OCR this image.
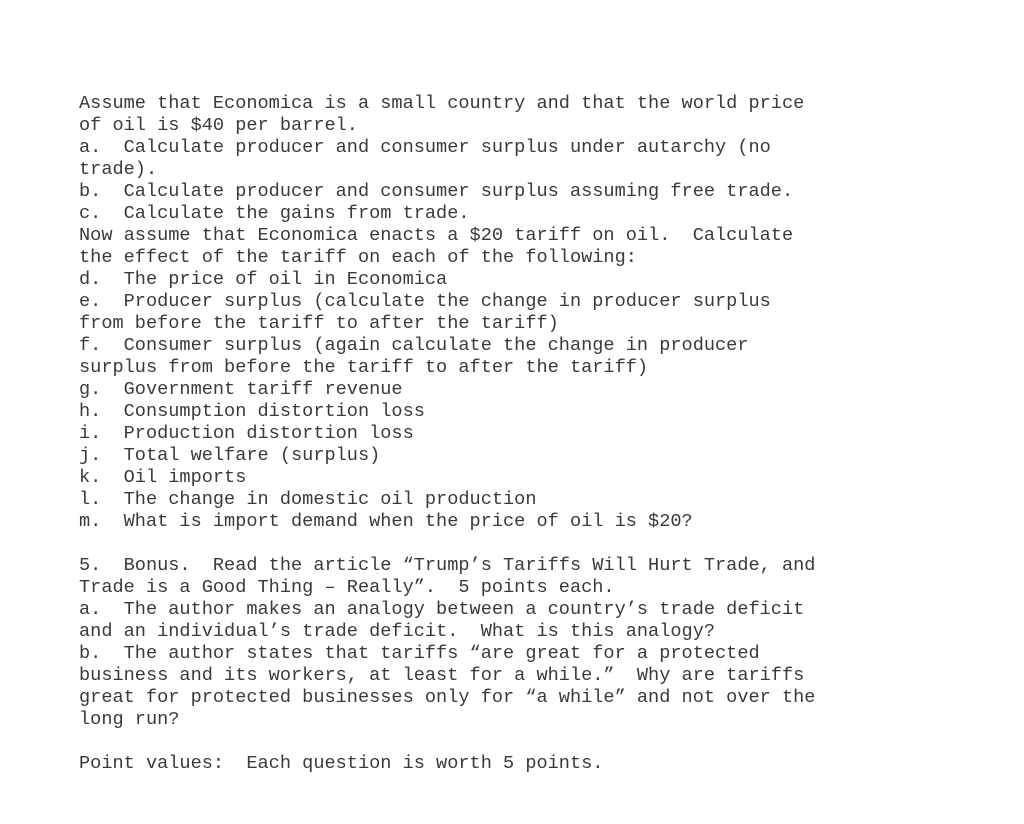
Assume that Economica is a small country and that the world price
of oil is $40 per barrel.
a.  Calculate producer and consumer surplus under autarchy (no
trade).
b.  Calculate producer and consumer surplus assuming free trade.
c.  Calculate the gains from trade.
Now assume that Economica enacts a $20 tariff on oil.  Calculate
the effect of the tariff on each of the following:
d.  The price of oil in Economica
e.  Producer surplus (calculate the change in producer surplus
from before the tariff to after the tariff)
f.  Consumer surplus (again calculate the change in producer
surplus from before the tariff to after the tariff)
g.  Government tariff revenue
h.  Consumption distortion loss
i.  Production distortion loss
j.  Total welfare (surplus)
k.  Oil imports
l.  The change in domestic oil production
m.  What is import demand when the price of oil is $20?
5.  Bonus.  Read the article “Trump’s Tariffs Will Hurt Trade, and
Trade is a Good Thing – Really”.  5 points each.
a.  The author makes an analogy between a country’s trade deficit
and an individual’s trade deficit.  What is this analogy?
b.  The author states that tariffs “are great for a protected
business and its workers, at least for a while.”  Why are tariffs
great for protected businesses only for “a while” and not over the
long run?
Point values:  Each question is worth 5 points.
